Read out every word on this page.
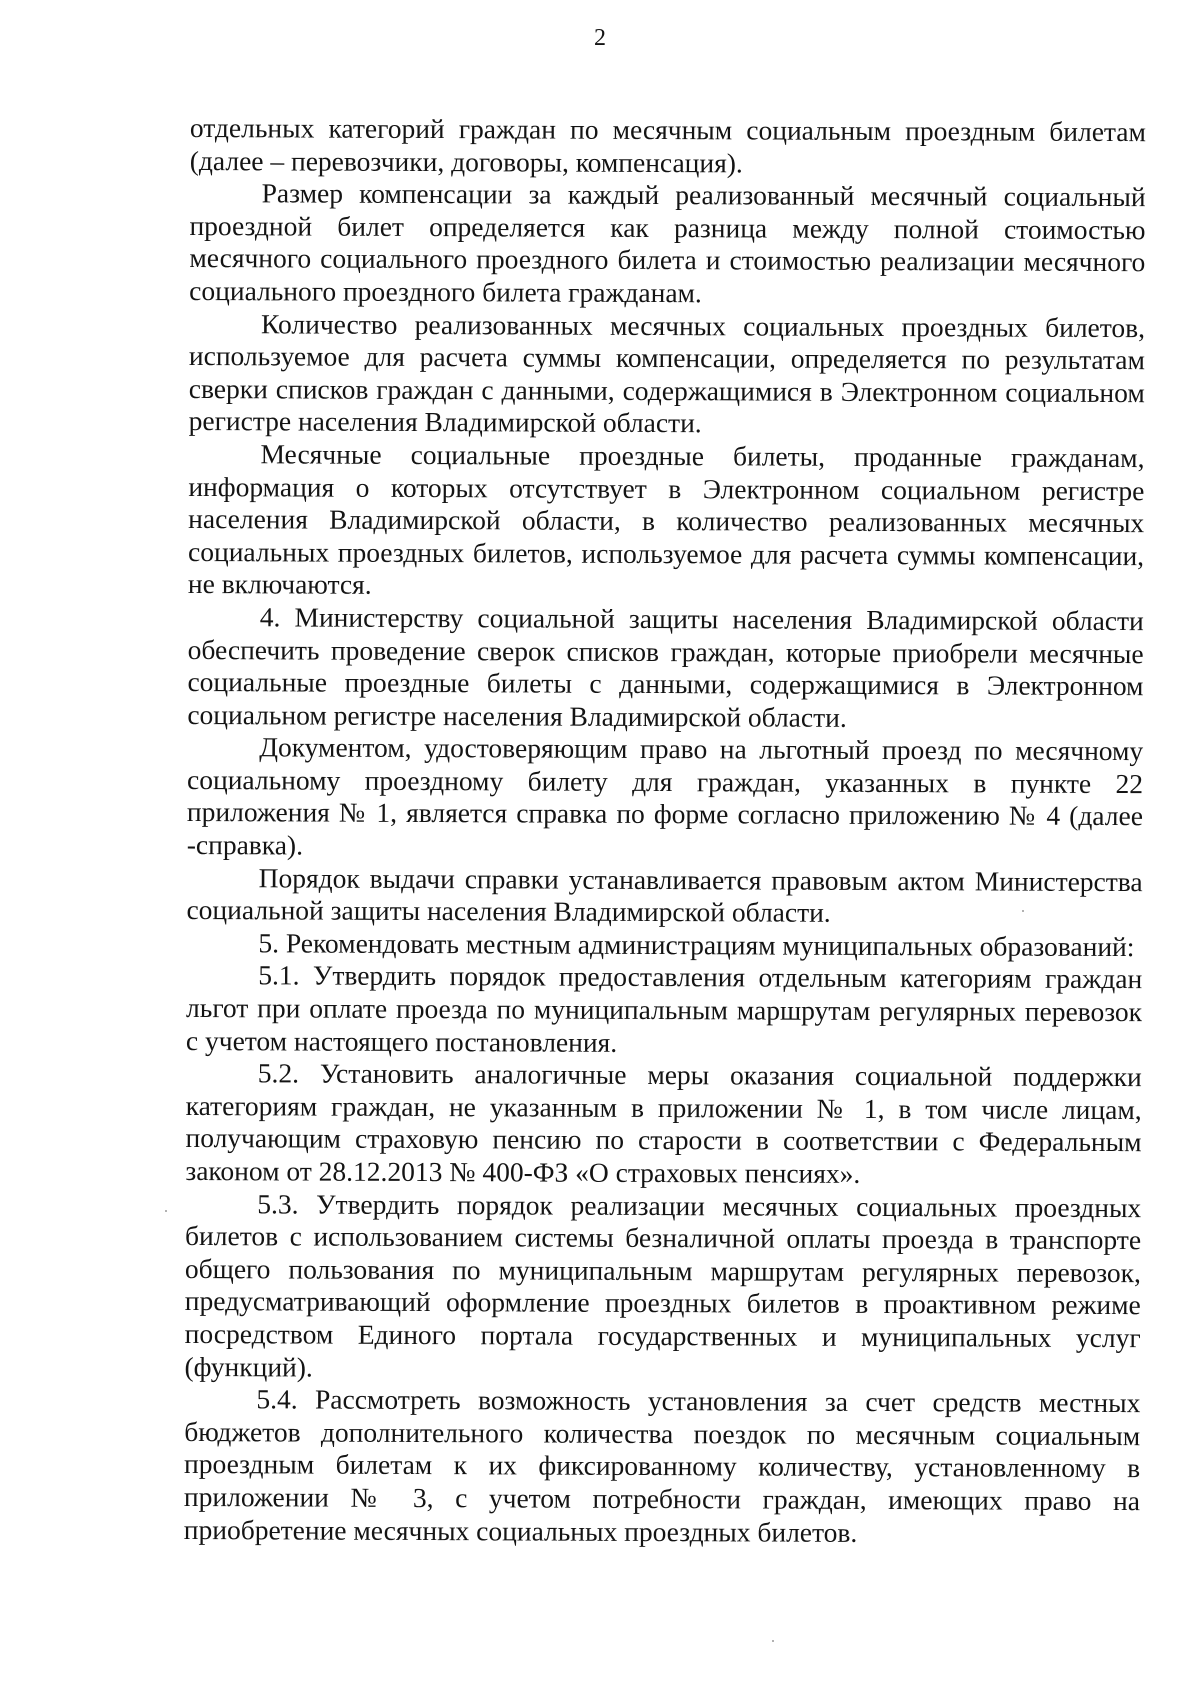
2

отдельных категорий граждан по месячным социальным проездным билетам (далее – перевозчики, договоры, компенсация).

Размер компенсации за каждый реализованный месячный социальный проездной билет определяется как разница между полной стоимостью месячного социального проездного билета и стоимостью реализации месячного социального проездного билета гражданам.

Количество реализованных месячных социальных проездных билетов, используемое для расчета суммы компенсации, определяется по результатам сверки списков граждан с данными, содержащимися в Электронном социальном регистре населения Владимирской области.

Месячные социальные проездные билеты, проданные гражданам, информация о которых отсутствует в Электронном социальном регистре населения Владимирской области, в количество реализованных месячных социальных проездных билетов, используемое для расчета суммы компенсации, не включаются.

4. Министерству социальной защиты населения Владимирской области обеспечить проведение сверок списков граждан, которые приобрели месячные социальные проездные билеты с данными, содержащимися в Электронном социальном регистре населения Владимирской области.

Документом, удостоверяющим право на льготный проезд по месячному социальному проездному билету для граждан, указанных в пункте 22 приложения № 1, является справка по форме согласно приложению № 4 (далее -справка).

Порядок выдачи справки устанавливается правовым актом Министерства социальной защиты населения Владимирской области.

5. Рекомендовать местным администрациям муниципальных образований:

5.1. Утвердить порядок предоставления отдельным категориям граждан льгот при оплате проезда по муниципальным маршрутам регулярных перевозок с учетом настоящего постановления.

5.2. Установить аналогичные меры оказания социальной поддержки категориям граждан, не указанным в приложении № 1, в том числе лицам, получающим страховую пенсию по старости в соответствии с Федеральным законом от 28.12.2013 № 400-ФЗ «О страховых пенсиях».

5.3. Утвердить порядок реализации месячных социальных проездных билетов с использованием системы безналичной оплаты проезда в транспорте общего пользования по муниципальным маршрутам регулярных перевозок, предусматривающий оформление проездных билетов в проактивном режиме посредством Единого портала государственных и муниципальных услуг (функций).

5.4. Рассмотреть возможность установления за счет средств местных бюджетов дополнительного количества поездок по месячным социальным проездным билетам к их фиксированному количеству, установленному в приложении № 3, с учетом потребности граждан, имеющих право на приобретение месячных социальных проездных билетов.
